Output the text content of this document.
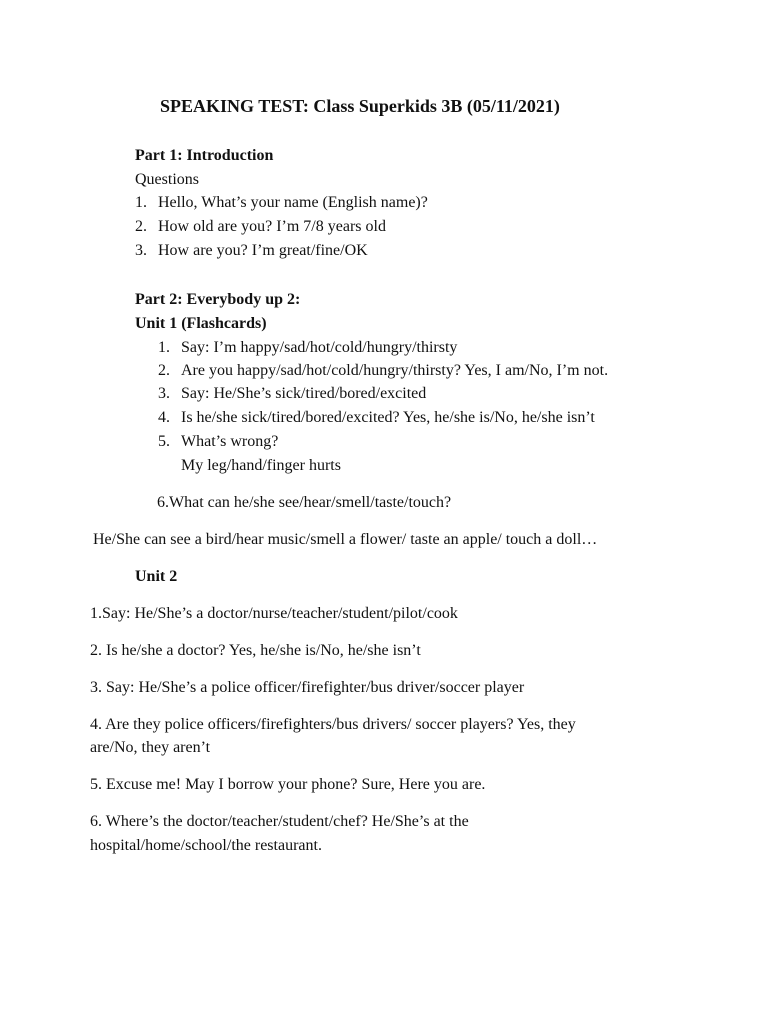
SPEAKING TEST: Class Superkids 3B (05/11/2021)
Part 1: Introduction
Questions
1. Hello, What’s your name (English name)?
2. How old are you? I’m 7/8 years old
3. How are you? I’m great/fine/OK
Part 2: Everybody up 2:
Unit 1 (Flashcards)
1. Say: I’m happy/sad/hot/cold/hungry/thirsty
2. Are you happy/sad/hot/cold/hungry/thirsty? Yes, I am/No, I’m not.
3. Say: He/She’s sick/tired/bored/excited
4. Is he/she sick/tired/bored/excited? Yes, he/she is/No, he/she isn’t
5. What’s wrong?
My leg/hand/finger hurts
6.What can he/she see/hear/smell/taste/touch?
He/She can see a bird/hear music/smell a flower/ taste an apple/ touch a doll…
Unit 2
1.Say: He/She’s a doctor/nurse/teacher/student/pilot/cook
2. Is he/she a doctor? Yes, he/she is/No, he/she isn’t
3. Say: He/She’s a police officer/firefighter/bus driver/soccer player
4. Are they police officers/firefighters/bus drivers/ soccer players? Yes, they
are/No, they aren’t
5. Excuse me! May I borrow your phone? Sure, Here you are.
6. Where’s the doctor/teacher/student/chef? He/She’s at the
hospital/home/school/the restaurant.
